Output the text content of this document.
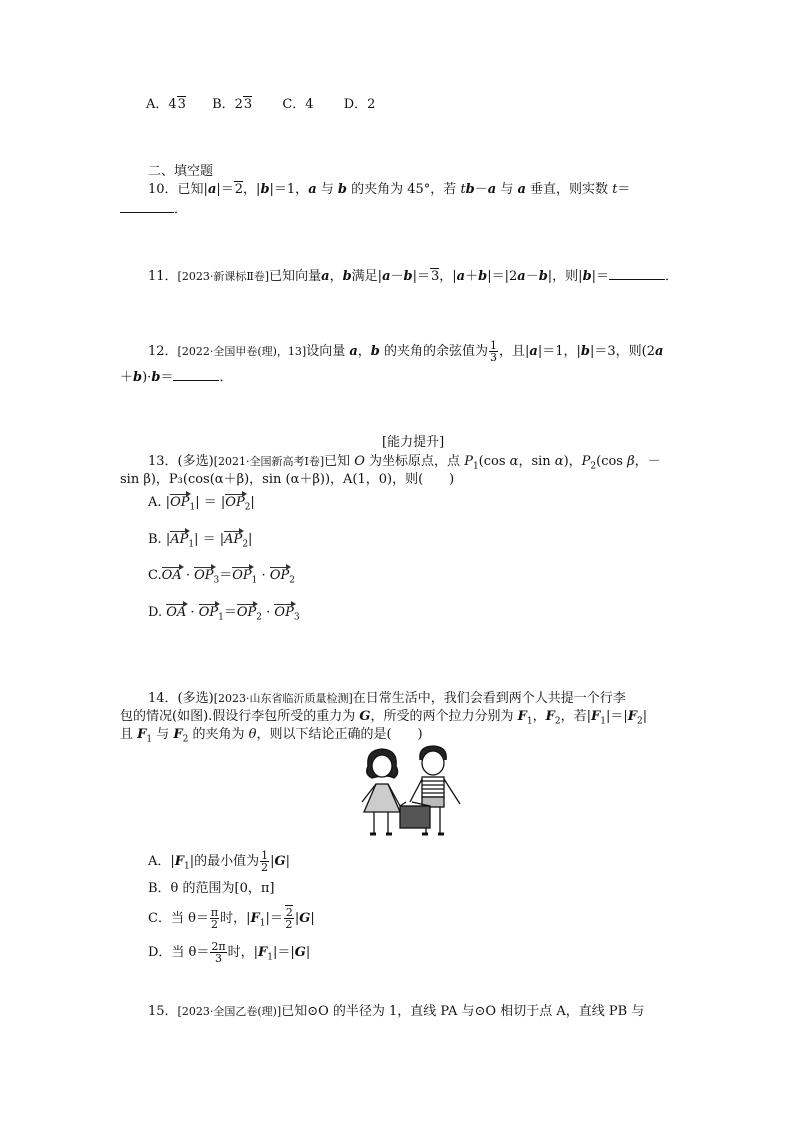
A．43 B．23 C．4 D．2
二、填空题
10．已知|a|＝2，|b|＝1，a 与 b 的夹角为 45°，若 tb－a 与 a 垂直，则实数 t＝
．
11．[2023·新课标Ⅱ卷]已知向量a，b满足|a－b|＝3，|a＋b|＝|2a－b|，则|b|＝	．
12．[2022·全国甲卷(理)，13]设向量 a，b 的夹角的余弦值为 $\frac{1}{3}$ ，且|a|＝1，|b|＝3，则(2a
＋b)·b＝	．
[能力提升]
13．(多选)[2021·全国新高考Ⅰ卷]已知 O 为坐标原点，点 $P_1(\cos$ α，sin α)，$P_2(\cos$ β，－
sin β)，P₃(cos(α＋β)，sin (α＋β))，A(1，0)，则(　　)
A. $|OP_1| = |OP_2|$
B. $|AP_1| = |AP_2|$
$C.OA \cdot OP_3=OP_1 \cdot OP_2$
D. OA · $OP_1=OP_2 \cdot OP_3$
14．(多选)[2023·山东省临沂质量检测]在日常生活中，我们会看到两个人共提一个行李
包的情况(如图).假设行李包所受的重力为 G，所受的两个拉力分别为 $F_1$，$F_2$，若$|F_1|=|F_2|$
且 $F_1$ 与 $F_2$ 的夹角为 θ，则以下结论正确的是(　　)
A．$|F_1|$的最小值为 $\frac{1}{2} |G|$
B．θ 的范围为[0，π]
C．当 $\theta= \frac{\pi}{2}$ 时，$|F_1|= \frac{2}{2} |G|$
D．当 $\theta= \frac{2\pi}{3}$ 时，$|F_1|=|G|$
15．[2023·全国乙卷(理)]已知⊙O 的半径为 1，直线 PA 与⊙O 相切于点 A，直线 PB 与
